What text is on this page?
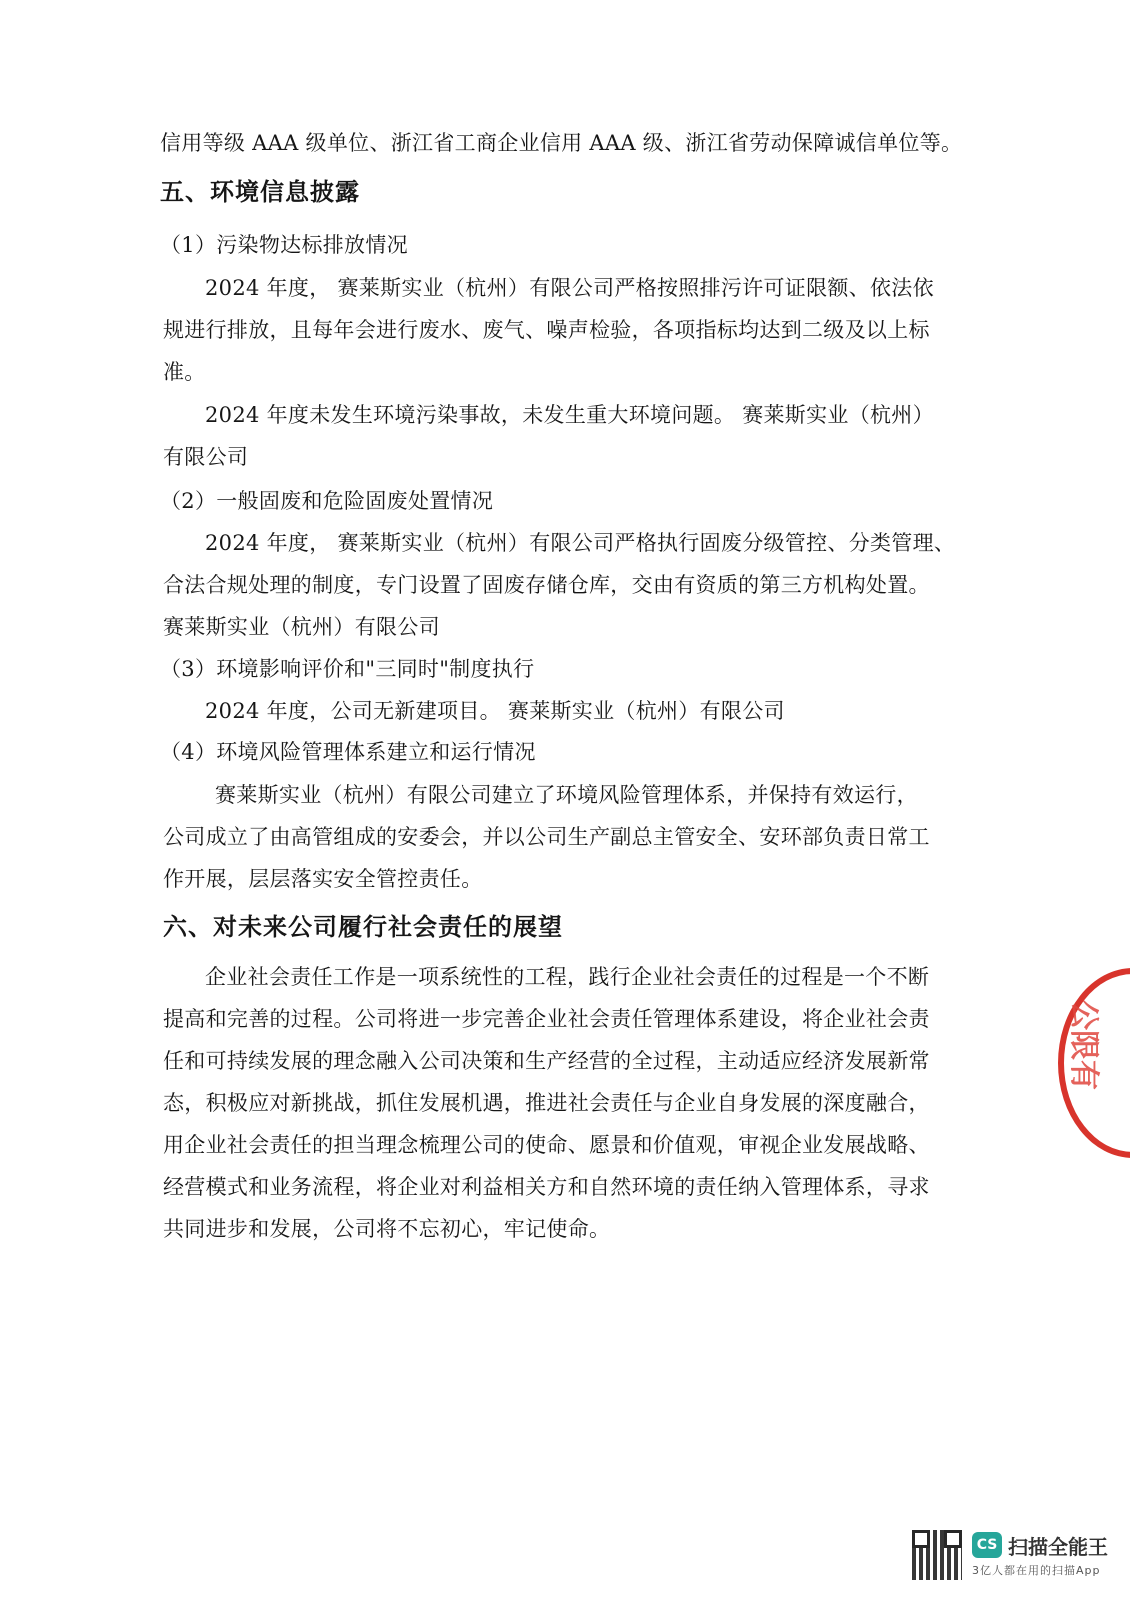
信用等级 AAA 级单位、浙江省工商企业信用 AAA 级、浙江省劳动保障诚信单位等。
五、环境信息披露
（1）污染物达标排放情况
2024 年度， 赛莱斯实业（杭州）有限公司严格按照排污许可证限额、依法依
规进行排放，且每年会进行废水、废气、噪声检验，各项指标均达到二级及以上标
准。
2024 年度未发生环境污染事故，未发生重大环境问题。 赛莱斯实业（杭州）
有限公司
（2）一般固废和危险固废处置情况
2024 年度， 赛莱斯实业（杭州）有限公司严格执行固废分级管控、分类管理、
合法合规处理的制度，专门设置了固废存储仓库，交由有资质的第三方机构处置。
赛莱斯实业（杭州）有限公司
（3）环境影响评价和"三同时"制度执行
2024 年度，公司无新建项目。 赛莱斯实业（杭州）有限公司
（4）环境风险管理体系建立和运行情况
赛莱斯实业（杭州）有限公司建立了环境风险管理体系，并保持有效运行，
公司成立了由高管组成的安委会，并以公司生产副总主管安全、安环部负责日常工
作开展，层层落实安全管控责任。
六、对未来公司履行社会责任的展望
企业社会责任工作是一项系统性的工程，践行企业社会责任的过程是一个不断
提高和完善的过程。公司将进一步完善企业社会责任管理体系建设，将企业社会责
任和可持续发展的理念融入公司决策和生产经营的全过程，主动适应经济发展新常
态，积极应对新挑战，抓住发展机遇，推进社会责任与企业自身发展的深度融合，
用企业社会责任的担当理念梳理公司的使命、愿景和价值观，审视企业发展战略、
经营模式和业务流程，将企业对利益相关方和自然环境的责任纳入管理体系，寻求
共同进步和发展，公司将不忘初心，牢记使命。
公限有
CS 扫描全能王
3亿人都在用的扫描App
